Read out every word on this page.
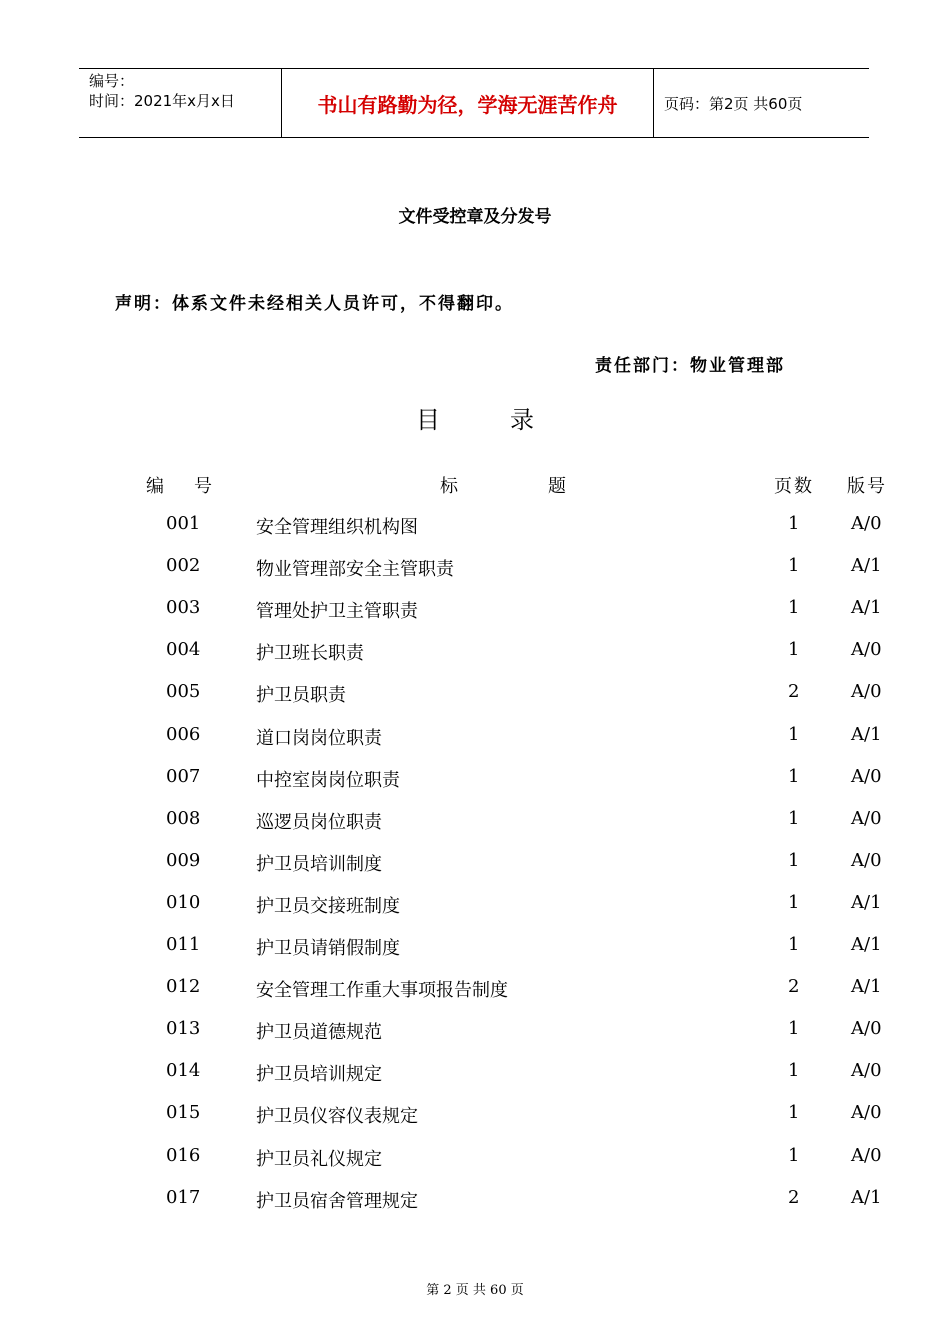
编号：
时间：2021年x月x日	书山有路勤为径，学海无涯苦作舟	页码：第2页 共60页
文件受控章及分发号
声明：体系文件未经相关人员许可，不得翻印。
责任部门：物业管理部
目	录
编号	标题	页数 版号
001	安全管理组织机构图	1	A/0
002	物业管理部安全主管职责	1	A/1
003	管理处护卫主管职责	1	A/1
004	护卫班长职责	1	A/0
005	护卫员职责	2	A/0
006	道口岗岗位职责	1	A/1
007	中控室岗岗位职责	1	A/0
008	巡逻员岗位职责	1	A/0
009	护卫员培训制度	1	A/0
010	护卫员交接班制度	1	A/1
011	护卫员请销假制度	1	A/1
012	安全管理工作重大事项报告制度	2	A/1
013	护卫员道德规范	1	A/0
014	护卫员培训规定	1	A/0
015	护卫员仪容仪表规定	1	A/0
016	护卫员礼仪规定	1	A/0
017	护卫员宿舍管理规定	2	A/1
第 2 页 共 60 页
